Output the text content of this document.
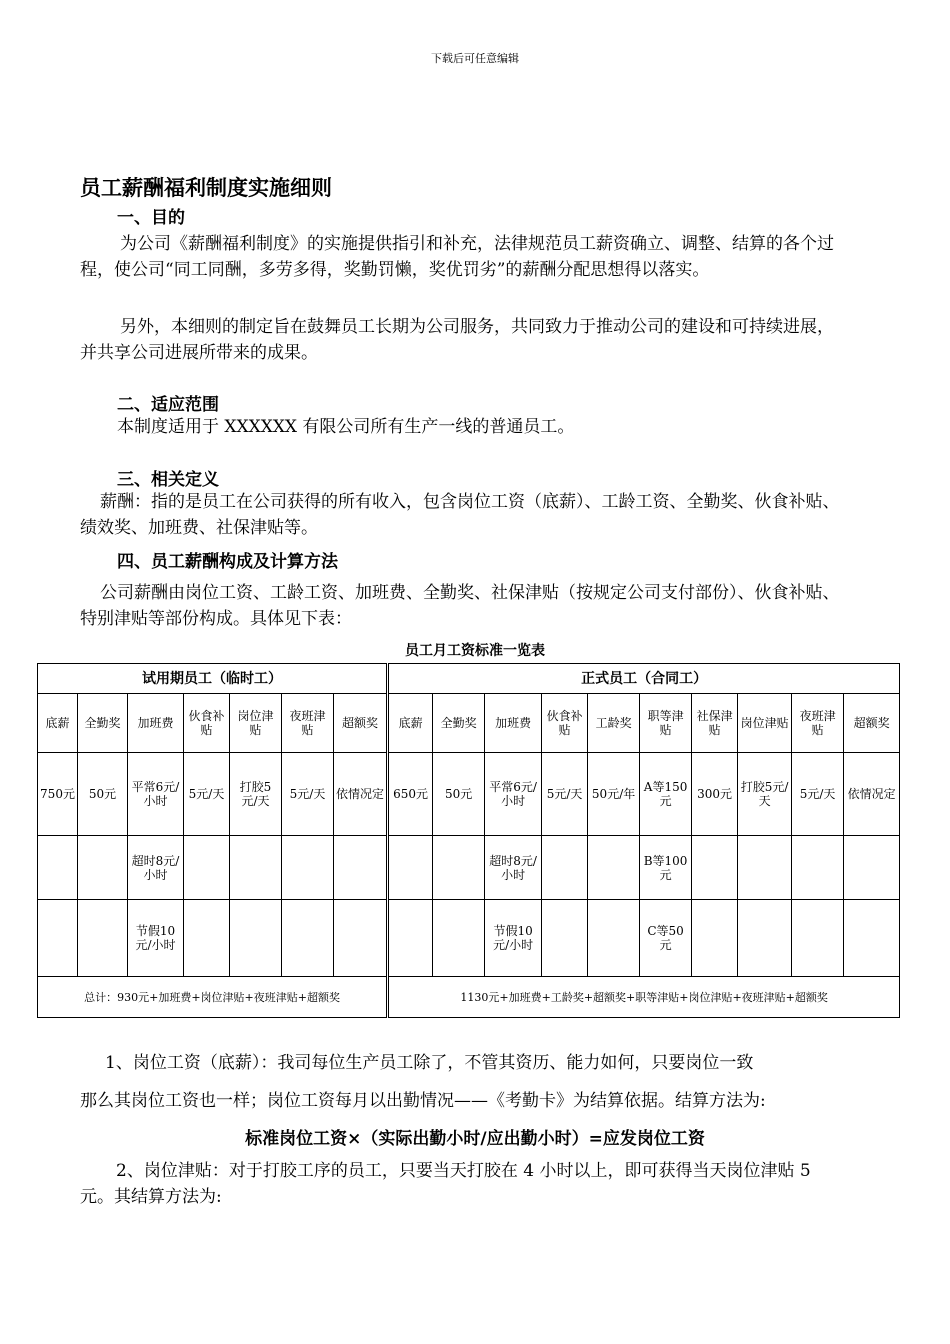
下载后可任意编辑
员工薪酬福利制度实施细则
一、目的

为公司《薪酬福利制度》的实施提供指引和补充，法律规范员工薪资确立、调整、结算的各个过程，使公司“同工同酬，多劳多得，奖勤罚懒，奖优罚劣”的薪酬分配思想得以落实。

另外，本细则的制定旨在鼓舞员工长期为公司服务，共同致力于推动公司的建设和可持续进展，并共享公司进展所带来的成果。

二、适应范围

本制度适用于 XXXXXX 有限公司所有生产一线的普通员工。

三、相关定义

薪酬：指的是员工在公司获得的所有收入，包含岗位工资（底薪）、工龄工资、全勤奖、伙食补贴、绩效奖、加班费、社保津贴等。

四、员工薪酬构成及计算方法

公司薪酬由岗位工资、工龄工资、加班费、全勤奖、社保津贴（按规定公司支付部份）、伙食补贴、特别津贴等部份构成。具体见下表：

员工月工资标准一览表
试用期员工（临时工）							正式员工（合同工）									
底薪	全勤奖	加班费	伙食补贴	岗位津贴	夜班津贴	超额奖	底薪	全勤奖	加班费	伙食补贴	工龄奖	职等津贴	社保津贴	岗位津贴	夜班津贴	超额奖
750元	50元	平常6元/小时	5元/天	打胶5元/天	5元/天	依情况定	650元	50元	平常6元/小时	5元/天	50元/年	A等150元	300元	打胶5元/天	5元/天	依情况定
		超时8元/小时							超时8元/小时			B等100元				
		节假10元/小时							节假10元/小时			C等50元				
总计：930元+加班费+岗位津贴+夜班津贴+超额奖							1130元+加班费+工龄奖+超额奖+职等津贴+岗位津贴+夜班津贴+超额奖									
1、岗位工资（底薪）：我司每位生产员工除了，不管其资历、能力如何，只要岗位一致
那么其岗位工资也一样；岗位工资每月以出勤情况——《考勤卡》为结算依据。结算方法为:
标准岗位工资×（实际出勤小时/应出勤小时）=应发岗位工资

2、岗位津贴：对于打胶工序的员工，只要当天打胶在 4 小时以上，即可获得当天岗位津贴 5 元。其结算方法为:
